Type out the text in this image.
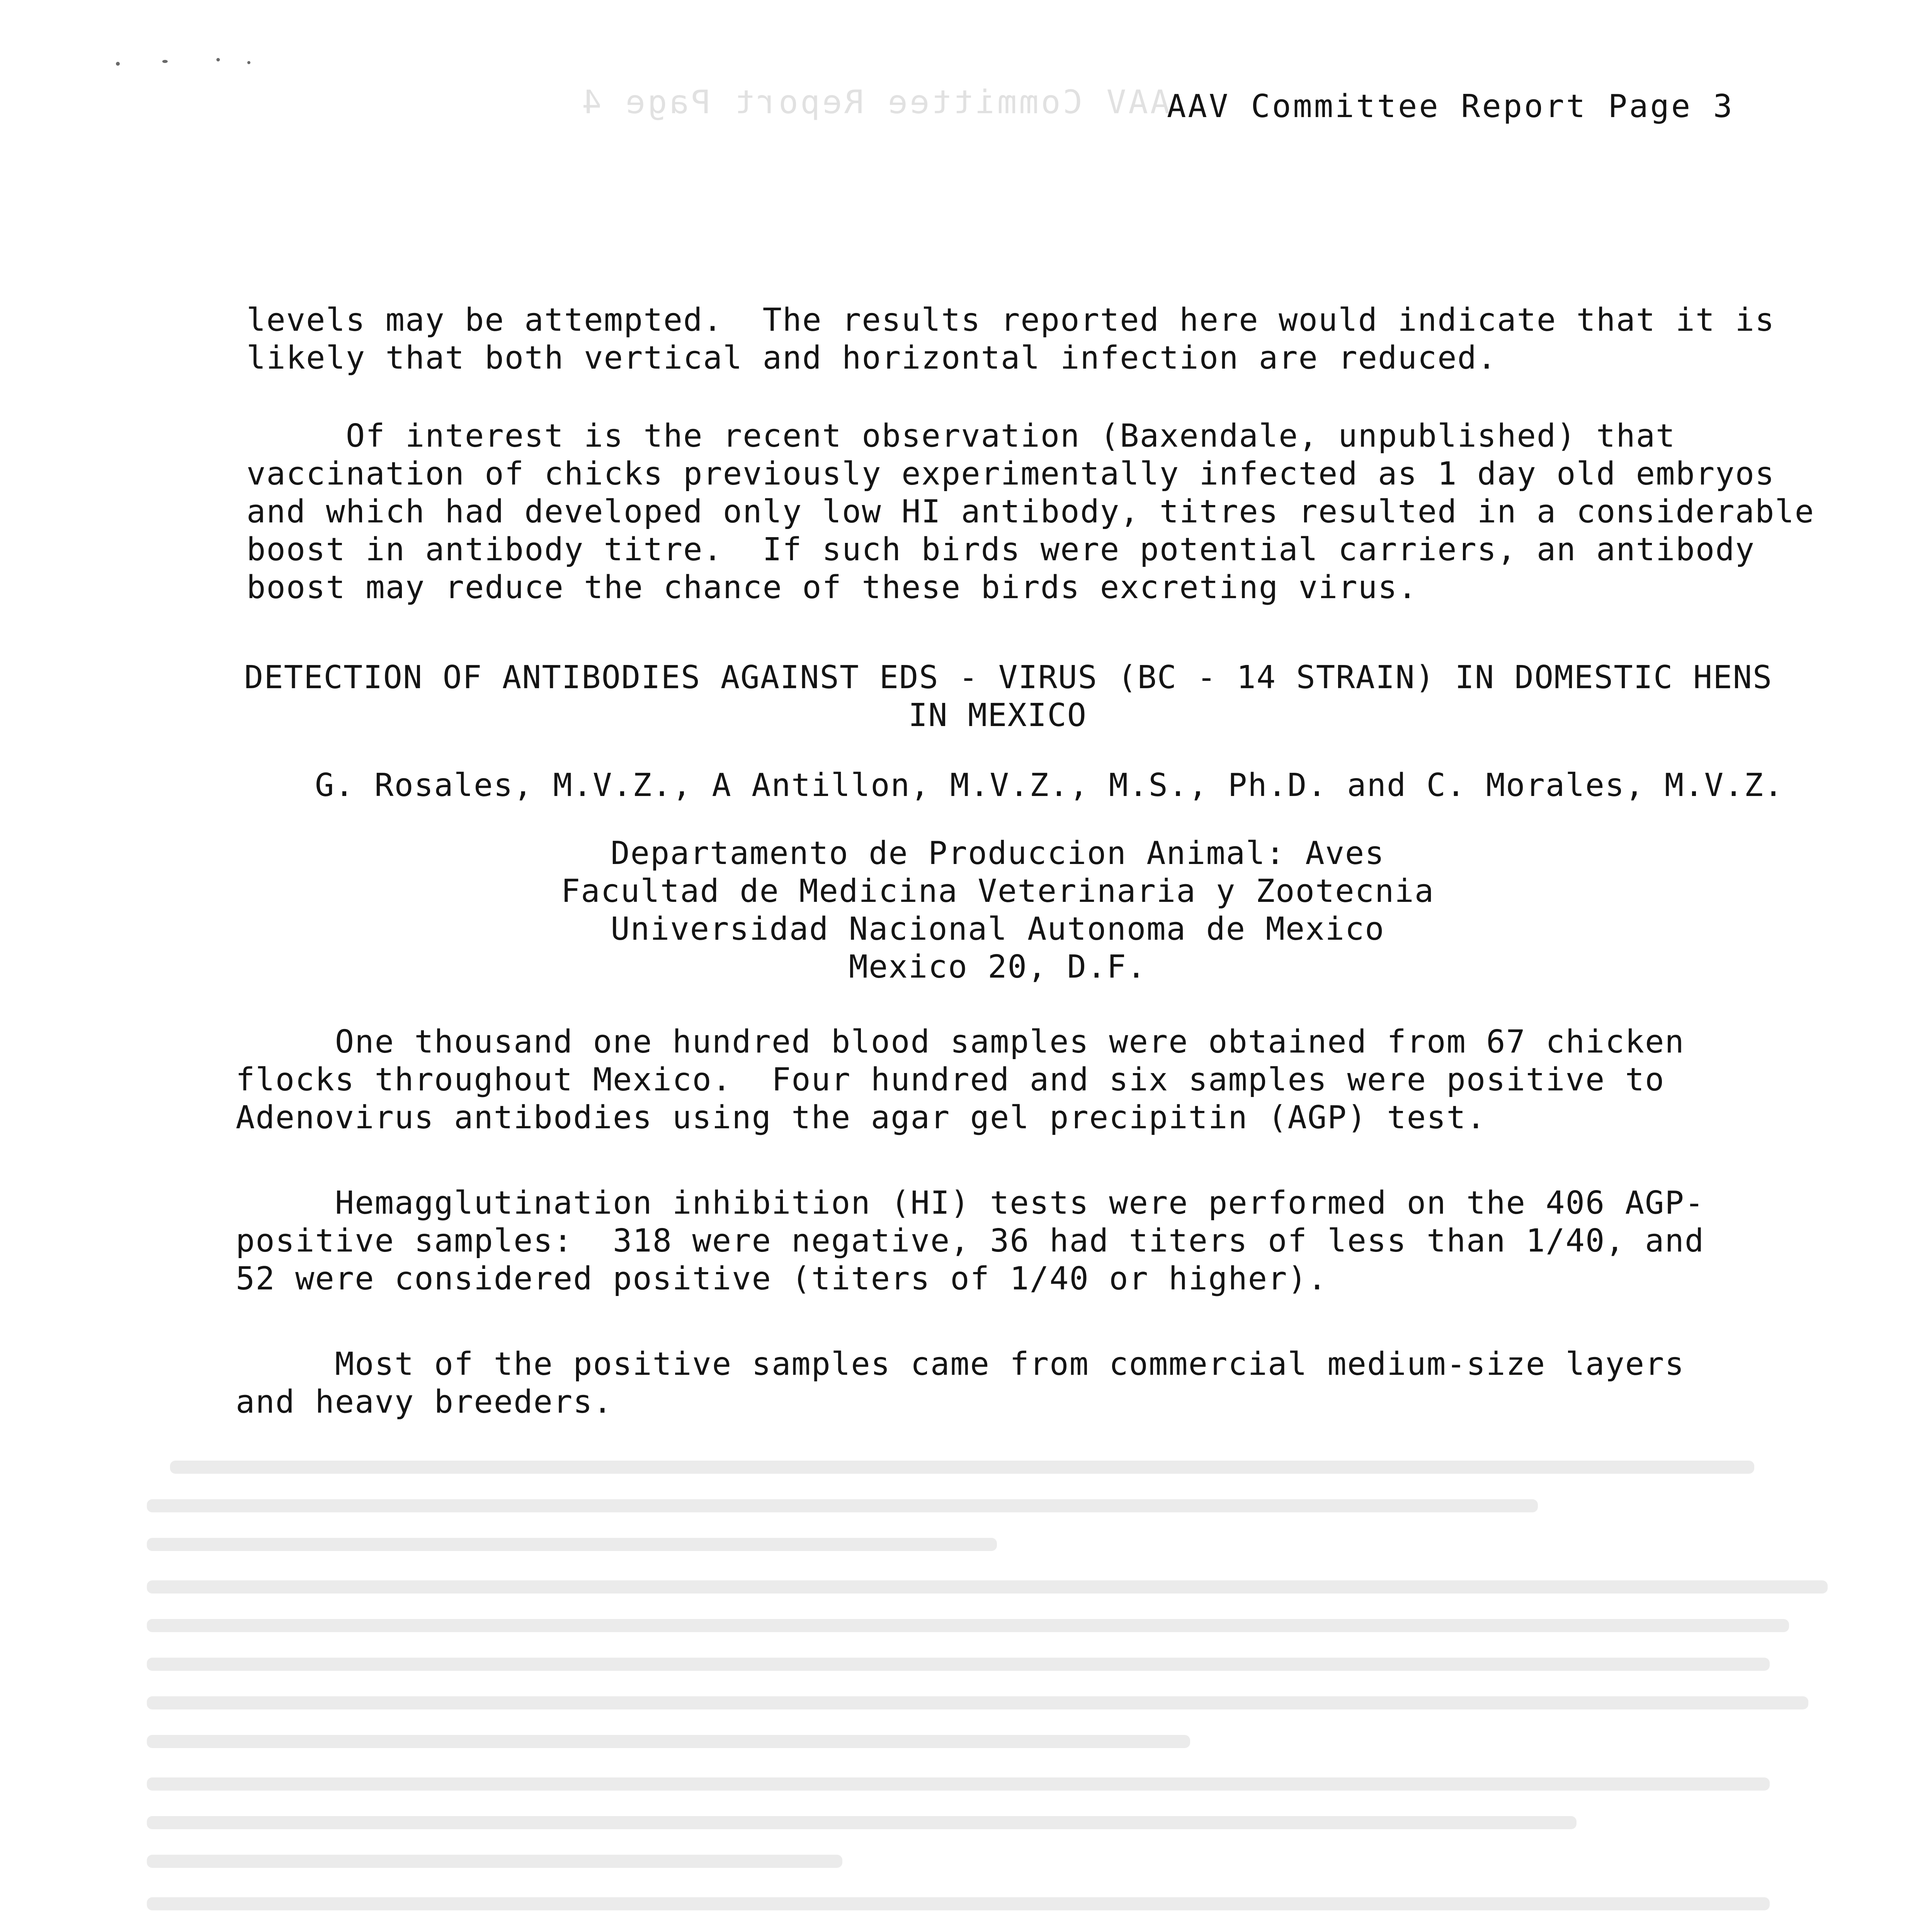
AAV Committee Report Page 4
AAV Committee Report Page 3
levels may be attempted.  The results reported here would indicate that it is
likely that both vertical and horizontal infection are reduced.
Of interest is the recent observation (Baxendale, unpublished) that
vaccination of chicks previously experimentally infected as 1 day old embryos
and which had developed only low HI antibody, titres resulted in a considerable
boost in antibody titre.  If such birds were potential carriers, an antibody
boost may reduce the chance of these birds excreting virus.
DETECTION OF ANTIBODIES AGAINST EDS - VIRUS (BC - 14 STRAIN) IN DOMESTIC HENS
IN MEXICO
G. Rosales, M.V.Z., A Antillon, M.V.Z., M.S., Ph.D. and C. Morales, M.V.Z.
Departamento de Produccion Animal: Aves
Facultad de Medicina Veterinaria y Zootecnia
Universidad Nacional Autonoma de Mexico
Mexico 20, D.F.
One thousand one hundred blood samples were obtained from 67 chicken
flocks throughout Mexico.  Four hundred and six samples were positive to
Adenovirus antibodies using the agar gel precipitin (AGP) test.
Hemagglutination inhibition (HI) tests were performed on the 406 AGP-
positive samples:  318 were negative, 36 had titers of less than 1/40, and
52 were considered positive (titers of 1/40 or higher).
Most of the positive samples came from commercial medium-size layers
and heavy breeders.
